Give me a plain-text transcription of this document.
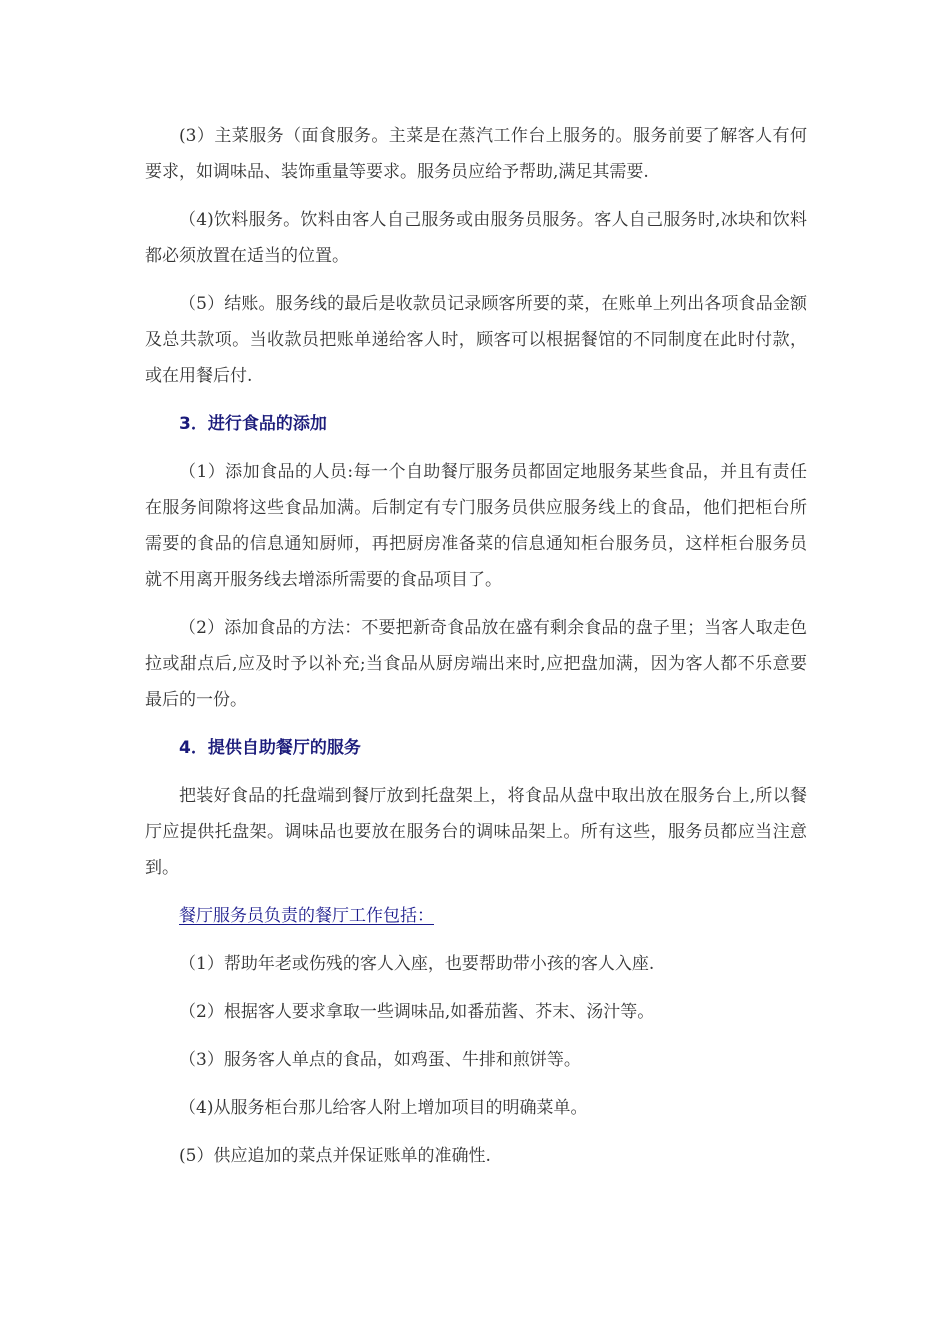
(3）主菜服务（面食服务。主菜是在蒸汽工作台上服务的。服务前要了解客人有何要求，如调味品、装饰重量等要求。服务员应给予帮助,满足其需要.

（4)饮料服务。饮料由客人自己服务或由服务员服务。客人自己服务时,冰块和饮料都必须放置在适当的位置。

（5）结账。服务线的最后是收款员记录顾客所要的菜，在账单上列出各项食品金额及总共款项。当收款员把账单递给客人时，顾客可以根据餐馆的不同制度在此时付款，或在用餐后付.

3．进行食品的添加

（1）添加食品的人员:每一个自助餐厅服务员都固定地服务某些食品，并且有责任在服务间隙将这些食品加满。后制定有专门服务员供应服务线上的食品，他们把柜台所需要的食品的信息通知厨师，再把厨房准备菜的信息通知柜台服务员，这样柜台服务员就不用离开服务线去增添所需要的食品项目了。

（2）添加食品的方法：不要把新奇食品放在盛有剩余食品的盘子里；当客人取走色拉或甜点后,应及时予以补充;当食品从厨房端出来时,应把盘加满，因为客人都不乐意要最后的一份。

4．提供自助餐厅的服务

把装好食品的托盘端到餐厅放到托盘架上，将食品从盘中取出放在服务台上,所以餐厅应提供托盘架。调味品也要放在服务台的调味品架上。所有这些，服务员都应当注意到。

餐厅服务员负责的餐厅工作包括：
（1）帮助年老或伤残的客人入座，也要帮助带小孩的客人入座.
（2）根据客人要求拿取一些调味品,如番茄酱、芥末、汤汁等。
（3）服务客人单点的食品，如鸡蛋、牛排和煎饼等。
（4)从服务柜台那儿给客人附上增加项目的明确菜单。
(5）供应追加的菜点并保证账单的准确性.
